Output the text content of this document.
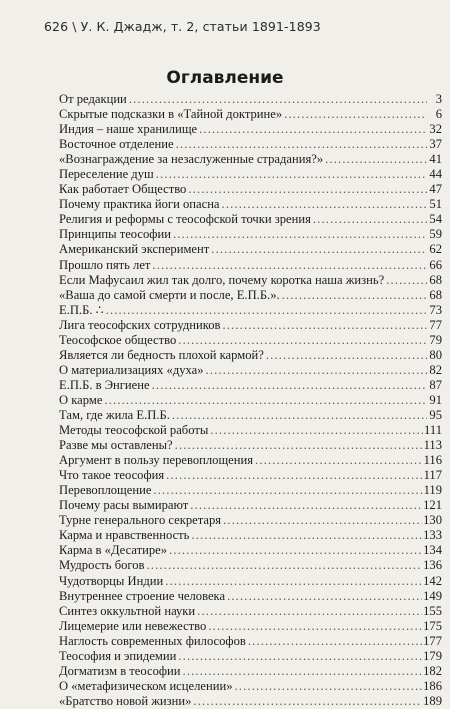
626 \ У. К. Джадж, т. 2, статьи 1891-1893
Оглавление
От редакции . . .	3
Скрытые подсказки в «Тайной доктрине» . . .	6
Индия – наше хранилище . . .	32
Восточное отделение . . .	37
«Вознаграждение за незаслуженные страдания?» . . .	41
Переселение душ . . .	44
Как работает Общество . . .	47
Почему практика йоги опасна . . .	51
Религия и реформы с теософской точки зрения . . .	54
Принципы теософии . . .	59
Американский эксперимент . . .	62
Прошло пять лет . . .	66
Если Мафусаил жил так долго, почему коротка наша жизнь? . . .	68
«Ваша до самой смерти и после, Е.П.Б.». . . .	68
Е.П.Б. ∴ . . .	73
Лига теософских сотрудников . . .	77
Теософское общество . . .	79
Является ли бедность плохой кармой? . . .	80
О материализациях «духа» . . .	82
Е.П.Б. в Энгиене . . .	87
О карме . . .	91
Там, где жила Е.П.Б. . . .	95
Методы теософской работы . . .	111
Разве мы оставлены? . . .	113
Аргумент в пользу перевоплощения . . .	116
Что такое теософия . . .	117
Перевоплощение . . .	119
Почему расы вымирают . . .	121
Турне генерального секретаря . . .	130
Карма и нравственность . . .	133
Карма в «Десатире» . . .	134
Мудрость богов . . .	136
Чудотворцы Индии . . .	142
Внутреннее строение человека . . .	149
Синтез оккультной науки . . .	155
Лицемерие или невежество . . .	175
Наглость современных философов . . .	177
Теософия и эпидемии . . .	179
Догматизм в теософии . . .	182
О «метафизическом исцелении» . . .	186
«Братство новой жизни» . . .	189
